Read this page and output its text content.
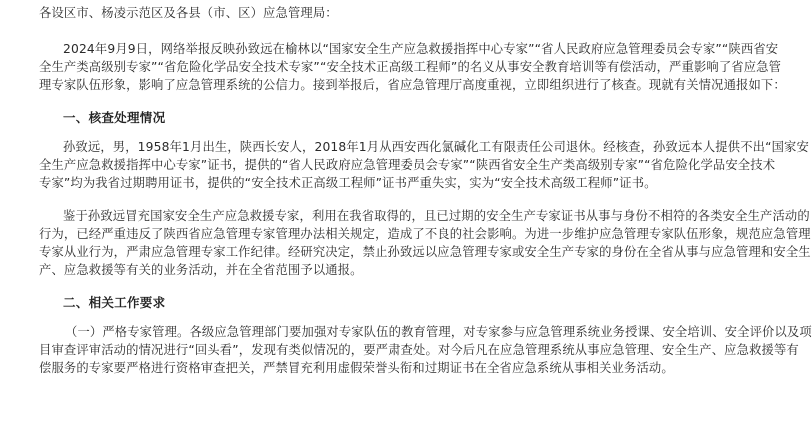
各设区市、杨凌示范区及各县（市、区）应急管理局：
2024年9月9日，网络举报反映孙致远在榆林以“国家安全生产应急救援指挥中心专家”“省人民政府应急管理委员会专家”“陕西省安
全生产类高级别专家”“省危险化学品安全技术专家”“安全技术正高级工程师”的名义从事安全教育培训等有偿活动，严重影响了省应急管
理专家队伍形象，影响了应急管理系统的公信力。接到举报后，省应急管理厅高度重视，立即组织进行了核查。现就有关情况通报如下：
一、核查处理情况
孙致远，男，1958年1月出生，陕西长安人，2018年1月从西安西化氯碱化工有限责任公司退休。经核查，孙致远本人提供不出“国家安
全生产应急救援指挥中心专家”证书，提供的“省人民政府应急管理委员会专家”“陕西省安全生产类高级别专家”“省危险化学品安全技术
专家”均为我省过期聘用证书，提供的“安全技术正高级工程师”证书严重失实，实为“安全技术高级工程师”证书。
鉴于孙致远冒充国家安全生产应急救援专家，利用在我省取得的，且已过期的安全生产专家证书从事与身份不相符的各类安全生产活动的
行为，已经严重违反了陕西省应急管理专家管理办法相关规定，造成了不良的社会影响。为进一步维护应急管理专家队伍形象，规范应急管理
专家从业行为，严肃应急管理专家工作纪律。经研究决定，禁止孙致远以应急管理专家或安全生产专家的身份在全省从事与应急管理和安全生
产、应急救援等有关的业务活动，并在全省范围予以通报。
二、相关工作要求
（一）严格专家管理。各级应急管理部门要加强对专家队伍的教育管理，对专家参与应急管理系统业务授课、安全培训、安全评价以及项
目审查评审活动的情况进行“回头看”，发现有类似情况的，要严肃查处。对今后凡在应急管理系统从事应急管理、安全生产、应急救援等有
偿服务的专家要严格进行资格审查把关，严禁冒充利用虚假荣誉头衔和过期证书在全省应急系统从事相关业务活动。
